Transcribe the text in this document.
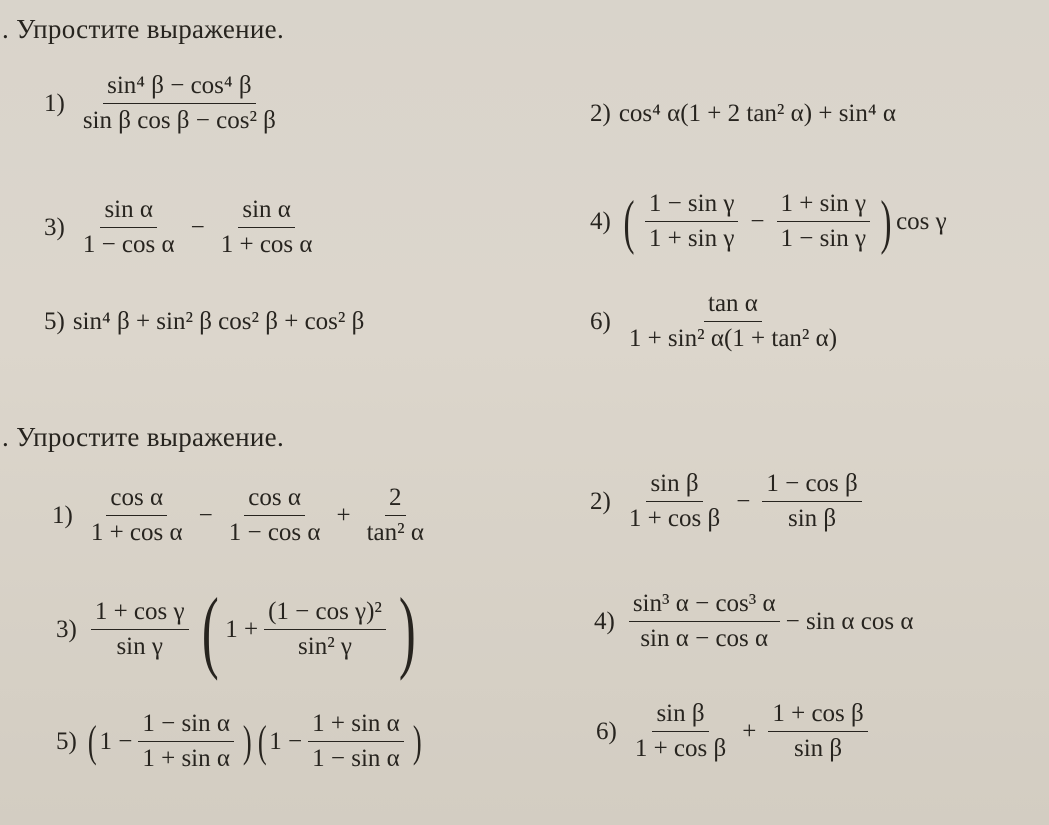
. Упростите выражение.
$1) \frac{\text{sin⁴ β − cos⁴ β}}{\text{sin β cos β − cos² β}}$	2) cos⁴ α(1 + 2 tan² α) + sin⁴ α
$3) \frac{\text{sin α}}{\text{1 − cos α}} - \frac{\text{sin α}}{\text{1 + cos α}}$	4) ( $\frac{\text{1 − sin γ}}{\text{1 + sin γ}} - \frac{\text{1 + sin γ}}{\text{1 − sin γ}}$ ) cos γ
5) sin⁴ β + sin² β cos² β + cos² β	$6) \frac{\text{tan α}}{\text{1 + sin² α(1 + tan² α)}}$
. Упростите выражение.
$1) \frac{\text{cos α}}{\text{1 + cos α}} - \frac{\text{cos α}}{\text{1 − cos α}} + \frac{2}{\text{tan² α}}$	$2) \frac{\text{sin β}}{\text{1 + cos β}} - \frac{\text{1 − cos β}}{\text{sin β}}$
$3) \frac{\text{1 + cos γ}}{\text{sin γ}}$ ( $1 + \frac{\text{(1 − cos γ)²}}{\text{sin² γ}}$ )	$4) \frac{\text{sin³ α − cos³ α}}{\text{sin α − cos α}} - \sin \alpha$ cos α
5) ( $1 - \frac{\text{1 − sin α}}{\text{1 + sin α}}$ ) ( $1 - \frac{\text{1 + sin α}}{\text{1 − sin α}}$ )	$6) \frac{\text{sin β}}{\text{1 + cos β}} + \frac{\text{1 + cos β}}{\text{sin β}}$
